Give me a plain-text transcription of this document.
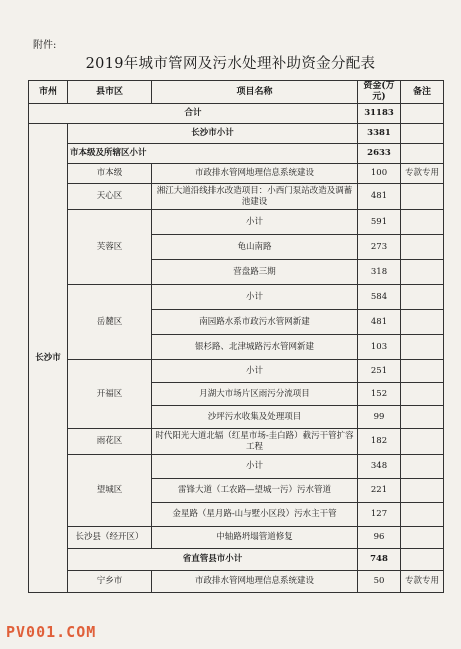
附件:
2019年城市管网及污水处理补助资金分配表
市州	县市区	项目名称	资金(万元)	备注
合计			31183	
长沙市	长沙市小计		3381	
	市本级及所辖区小计		2633	
	市本级	市政排水管网地理信息系统建设	100	专款专用
	天心区	湘江大道沿线排水改造项目：小西门泵站改造及调蓄池建设	481	
	芙蓉区	小计	591	
		龟山南路	273	
		营盘路三期	318	
	岳麓区	小计	584	
		南园路水系市政污水管网新建	481	
		银杉路、北津城路污水管网新建	103	
	开福区	小计	251	
		月湖大市场片区雨污分流项目	152	
		沙坪污水收集及处理项目	99	
	雨花区	时代阳光大道北辐（红星市场-圭白路）截污干管扩容工程	182	
	望城区	小计	348	
		雷锋大道（工农路—望城一污）污水管道	221	
		金星路（星月路-山与墅小区段）污水主干管	127	
	长沙县（经开区）	中轴路坍塌管道修复	96	
	省直管县市小计		748	
	宁乡市	市政排水管网地理信息系统建设	50	专款专用
PV001.COM
